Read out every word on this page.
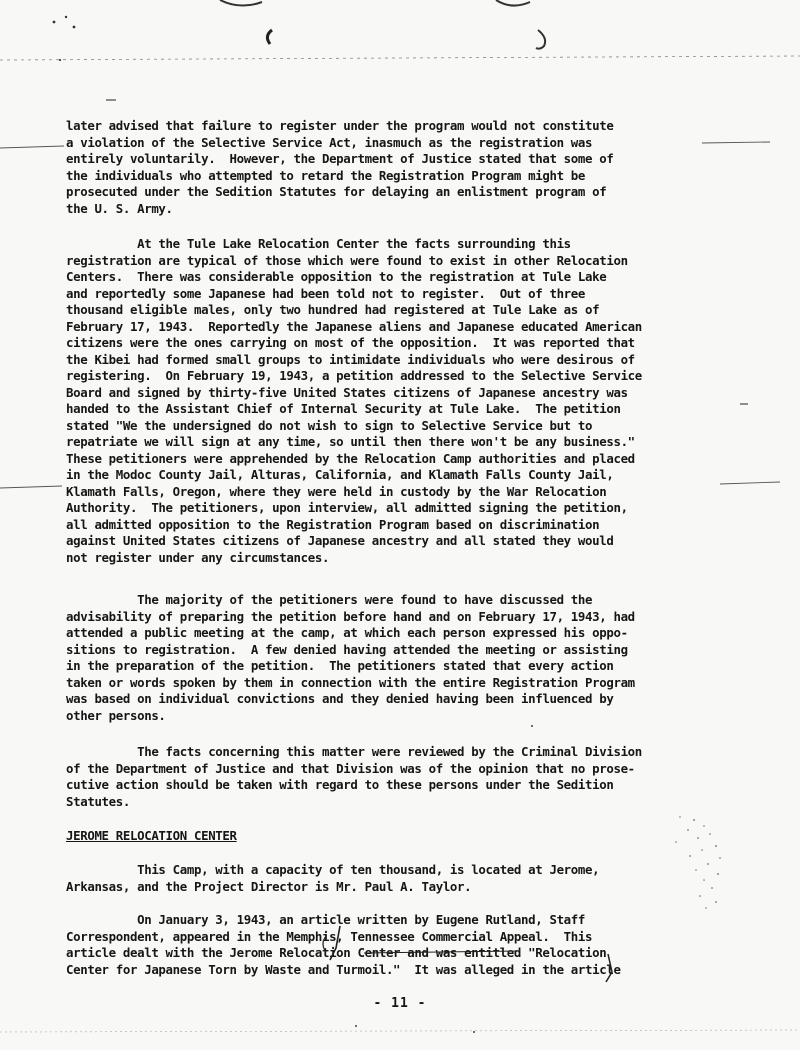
later advised that failure to register under the program would not constitute
a violation of the Selective Service Act, inasmuch as the registration was
entirely voluntarily.  However, the Department of Justice stated that some of
the individuals who attempted to retard the Registration Program might be
prosecuted under the Sedition Statutes for delaying an enlistment program of
the U. S. Army.
At the Tule Lake Relocation Center the facts surrounding this
registration are typical of those which were found to exist in other Relocation
Centers.  There was considerable opposition to the registration at Tule Lake
and reportedly some Japanese had been told not to register.  Out of three
thousand eligible males, only two hundred had registered at Tule Lake as of
February 17, 1943.  Reportedly the Japanese aliens and Japanese educated American
citizens were the ones carrying on most of the opposition.  It was reported that
the Kibei had formed small groups to intimidate individuals who were desirous of
registering.  On February 19, 1943, a petition addressed to the Selective Service
Board and signed by thirty-five United States citizens of Japanese ancestry was
handed to the Assistant Chief of Internal Security at Tule Lake.  The petition
stated "We the undersigned do not wish to sign to Selective Service but to
repatriate we will sign at any time, so until then there won't be any business."
These petitioners were apprehended by the Relocation Camp authorities and placed
in the Modoc County Jail, Alturas, California, and Klamath Falls County Jail,
Klamath Falls, Oregon, where they were held in custody by the War Relocation
Authority.  The petitioners, upon interview, all admitted signing the petition,
all admitted opposition to the Registration Program based on discrimination
against United States citizens of Japanese ancestry and all stated they would
not register under any circumstances.
The majority of the petitioners were found to have discussed the
advisability of preparing the petition before hand and on February 17, 1943, had
attended a public meeting at the camp, at which each person expressed his oppo-
sitions to registration.  A few denied having attended the meeting or assisting
in the preparation of the petition.  The petitioners stated that every action
taken or words spoken by them in connection with the entire Registration Program
was based on individual convictions and they denied having been influenced by
other persons.
The facts concerning this matter were reviewed by the Criminal Division
of the Department of Justice and that Division was of the opinion that no prose-
cutive action should be taken with regard to these persons under the Sedition
Statutes.
JEROME RELOCATION CENTER
This Camp, with a capacity of ten thousand, is located at Jerome,
Arkansas, and the Project Director is Mr. Paul A. Taylor.
On January 3, 1943, an article written by Eugene Rutland, Staff
Correspondent, appeared in the Memphis, Tennessee Commercial Appeal.  This
article dealt with the Jerome Relocation Center and was entitled "Relocation
Center for Japanese Torn by Waste and Turmoil."  It was alleged in the article
- 11 -
